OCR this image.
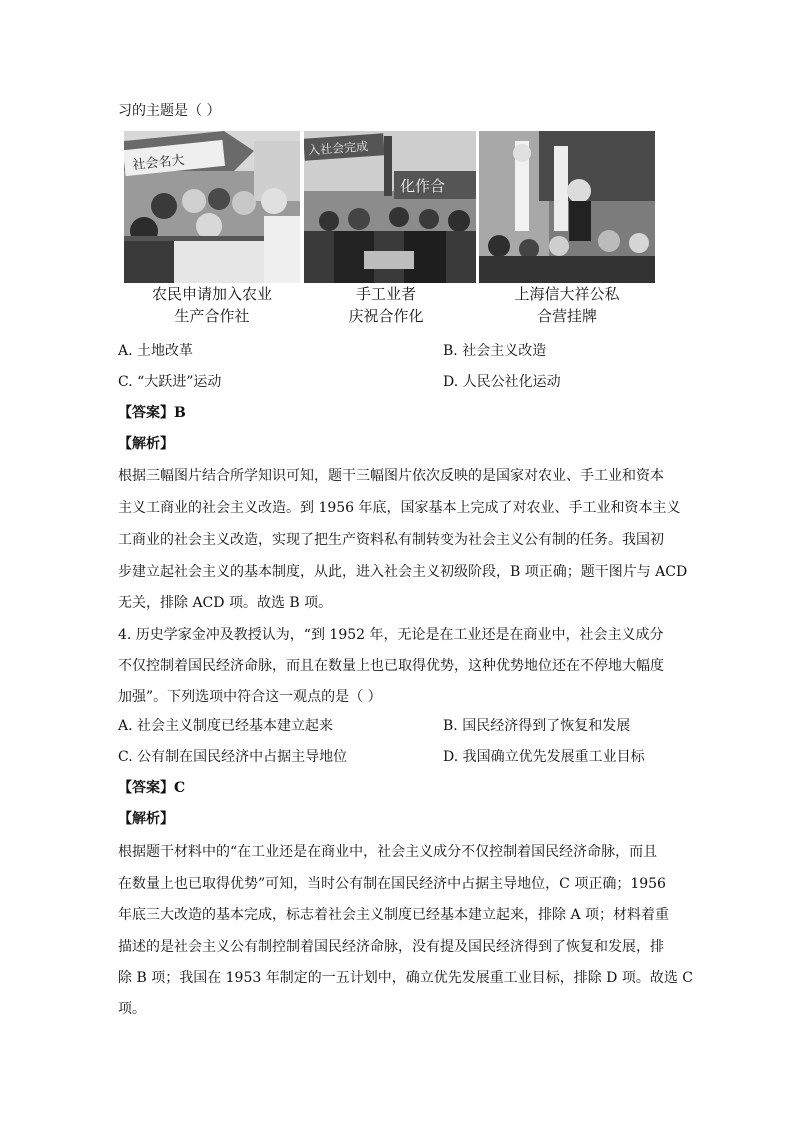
习的主题是（ ）
社会名大
入社会完成
化作合
农民申请加入农业
生产合作社
手工业者
庆祝合作化
上海信大祥公私
合营挂牌
A. 土地改革	B. 社会主义改造
C. “大跃进”运动	D. 人民公社化运动
【答案】B
【解析】
根据三幅图片结合所学知识可知，题干三幅图片依次反映的是国家对农业、手工业和资本
主义工商业的社会主义改造。到 1956 年底，国家基本上完成了对农业、手工业和资本主义
工商业的社会主义改造，实现了把生产资料私有制转变为社会主义公有制的任务。我国初
步建立起社会主义的基本制度，从此，进入社会主义初级阶段，B 项正确；题干图片与 ACD
无关，排除 ACD 项。故选 B 项。
4. 历史学家金冲及教授认为，“到 1952 年，无论是在工业还是在商业中，社会主义成分
不仅控制着国民经济命脉，而且在数量上也已取得优势，这种优势地位还在不停地大幅度
加强”。下列选项中符合这一观点的是（ ）
A. 社会主义制度已经基本建立起来	B. 国民经济得到了恢复和发展
C. 公有制在国民经济中占据主导地位	D. 我国确立优先发展重工业目标
【答案】C
【解析】
根据题干材料中的“在工业还是在商业中，社会主义成分不仅控制着国民经济命脉，而且
在数量上也已取得优势”可知，当时公有制在国民经济中占据主导地位，C 项正确；1956
年底三大改造的基本完成，标志着社会主义制度已经基本建立起来，排除 A 项；材料着重
描述的是社会主义公有制控制着国民经济命脉，没有提及国民经济得到了恢复和发展，排
除 B 项；我国在 1953 年制定的一五计划中，确立优先发展重工业目标，排除 D 项。故选 C
项。
